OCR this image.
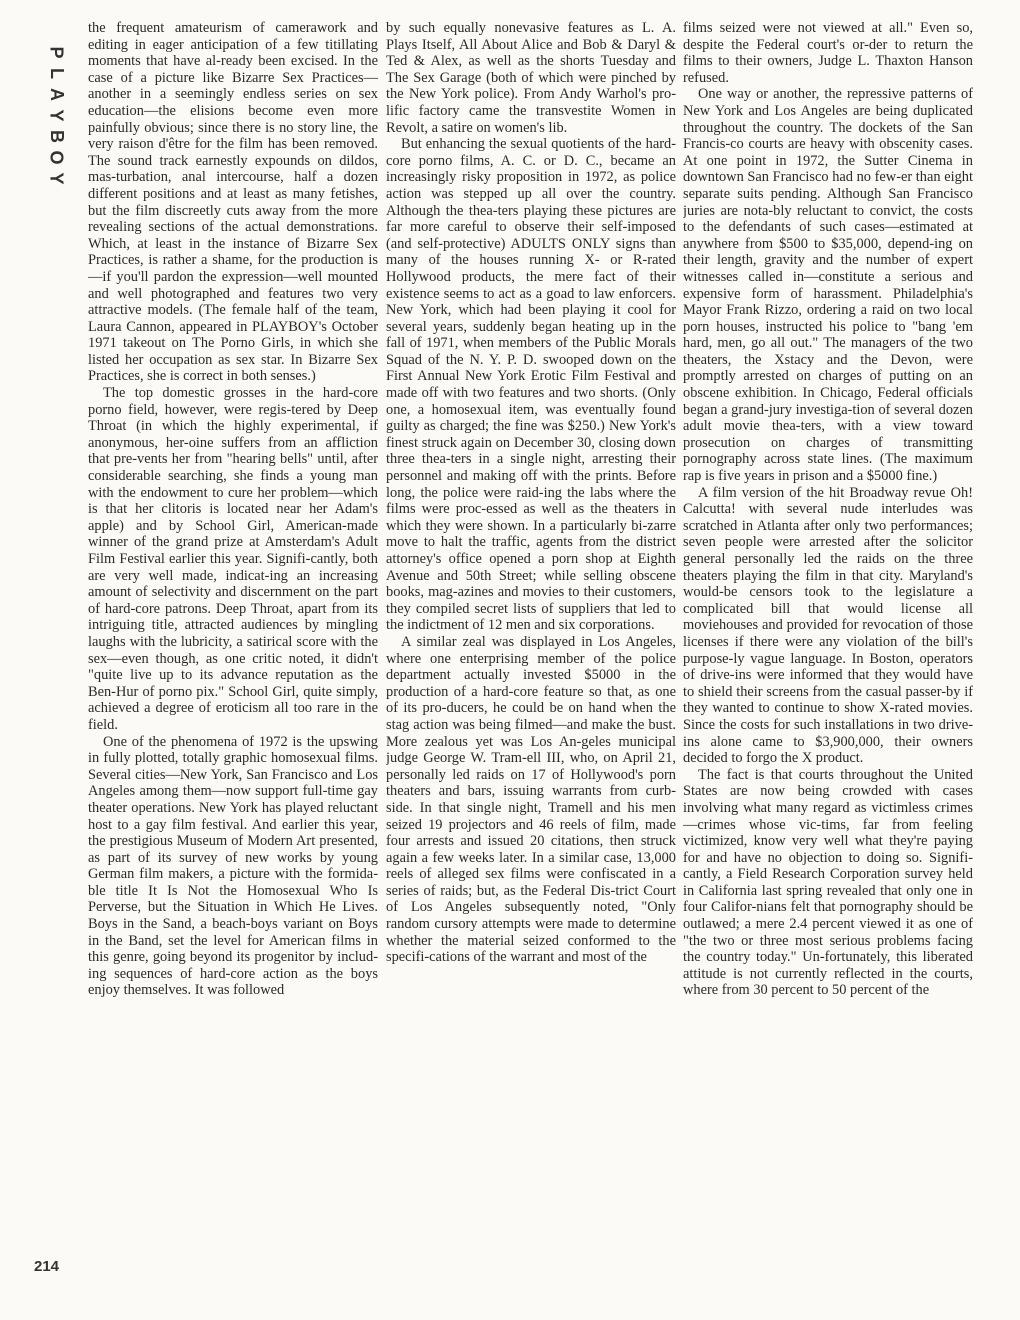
P
L
A
Y
B
O
Y
214

the frequent amateurism of camerawork and editing in eager anticipation of a few titillating moments that have al-ready been excised. In the case of a picture like Bizarre Sex Practices—another in a seemingly endless series on sex education—the elisions become even more painfully obvious; since there is no story line, the very raison d'être for the film has been removed. The sound track earnestly expounds on dildos, mas-turbation, anal intercourse, half a dozen different positions and at least as many fetishes, but the film discreetly cuts away from the more revealing sections of the actual demonstrations. Which, at least in the instance of Bizarre Sex Practices, is rather a shame, for the production is —if you'll pardon the expression—well mounted and well photographed and features two very attractive models. (The female half of the team, Laura Cannon, appeared in PLAYBOY's October 1971 takeout on The Porno Girls, in which she listed her occupation as sex star. In Bizarre Sex Practices, she is correct in both senses.)

The top domestic grosses in the hard-core porno field, however, were regis-tered by Deep Throat (in which the highly experimental, if anonymous, her-oine suffers from an affliction that pre-vents her from "hearing bells" until, after considerable searching, she finds a young man with the endowment to cure her problem—which is that her clitoris is located near her Adam's apple) and by School Girl, American-made winner of the grand prize at Amsterdam's Adult Film Festival earlier this year. Signifi-cantly, both are very well made, indicat-ing an increasing amount of selectivity and discernment on the part of hard-core patrons. Deep Throat, apart from its intriguing title, attracted audiences by mingling laughs with the lubricity, a satirical score with the sex—even though, as one critic noted, it didn't "quite live up to its advance reputation as the Ben-Hur of porno pix." School Girl, quite simply, achieved a degree of eroticism all too rare in the field.

One of the phenomena of 1972 is the upswing in fully plotted, totally graphic homosexual films. Several cities—New York, San Francisco and Los Angeles among them—now support full-time gay theater operations. New York has played reluctant host to a gay film festival. And earlier this year, the prestigious Museum of Modern Art presented, as part of its survey of new works by young German film makers, a picture with the formida-ble title It Is Not the Homosexual Who Is Perverse, but the Situation in Which He Lives. Boys in the Sand, a beach-boys variant on Boys in the Band, set the level for American films in this genre, going beyond its progenitor by includ-ing sequences of hard-core action as the boys enjoy themselves. It was followed

by such equally nonevasive features as L. A. Plays Itself, All About Alice and Bob & Daryl & Ted & Alex, as well as the shorts Tuesday and The Sex Garage (both of which were pinched by the New York police). From Andy Warhol's pro-lific factory came the transvestite Women in Revolt, a satire on women's lib.

But enhancing the sexual quotients of the hard-core porno films, A. C. or D. C., became an increasingly risky proposition in 1972, as police action was stepped up all over the country. Although the thea-ters playing these pictures are far more careful to observe their self-imposed (and self-protective) ADULTS ONLY signs than many of the houses running X- or R-rated Hollywood products, the mere fact of their existence seems to act as a goad to law enforcers. New York, which had been playing it cool for several years, suddenly began heating up in the fall of 1971, when members of the Public Morals Squad of the N. Y. P. D. swooped down on the First Annual New York Erotic Film Festival and made off with two features and two shorts. (Only one, a homosexual item, was eventually found guilty as charged; the fine was $250.) New York's finest struck again on December 30, closing down three thea-ters in a single night, arresting their personnel and making off with the prints. Before long, the police were raid-ing the labs where the films were proc-essed as well as the theaters in which they were shown. In a particularly bi-zarre move to halt the traffic, agents from the district attorney's office opened a porn shop at Eighth Avenue and 50th Street; while selling obscene books, mag-azines and movies to their customers, they compiled secret lists of suppliers that led to the indictment of 12 men and six corporations.

A similar zeal was displayed in Los Angeles, where one enterprising member of the police department actually invested $5000 in the production of a hard-core feature so that, as one of its pro-ducers, he could be on hand when the stag action was being filmed—and make the bust. More zealous yet was Los An-geles municipal judge George W. Tram-ell III, who, on April 21, personally led raids on 17 of Hollywood's porn theaters and bars, issuing warrants from curb-side. In that single night, Tramell and his men seized 19 projectors and 46 reels of film, made four arrests and issued 20 citations, then struck again a few weeks later. In a similar case, 13,000 reels of alleged sex films were confiscated in a series of raids; but, as the Federal Dis-trict Court of Los Angeles subsequently noted, "Only random cursory attempts were made to determine whether the material seized conformed to the specifi-cations of the warrant and most of the

films seized were not viewed at all." Even so, despite the Federal court's or-der to return the films to their owners, Judge L. Thaxton Hanson refused.

One way or another, the repressive patterns of New York and Los Angeles are being duplicated throughout the country. The dockets of the San Francis-co courts are heavy with obscenity cases. At one point in 1972, the Sutter Cinema in downtown San Francisco had no few-er than eight separate suits pending. Although San Francisco juries are nota-bly reluctant to convict, the costs to the defendants of such cases—estimated at anywhere from $500 to $35,000, depend-ing on their length, gravity and the number of expert witnesses called in—constitute a serious and expensive form of harassment. Philadelphia's Mayor Frank Rizzo, ordering a raid on two local porn houses, instructed his police to "bang 'em hard, men, go all out." The managers of the two theaters, the Xstacy and the Devon, were promptly arrested on charges of putting on an obscene exhibition. In Chicago, Federal officials began a grand-jury investiga-tion of several dozen adult movie thea-ters, with a view toward prosecution on charges of transmitting pornography across state lines. (The maximum rap is five years in prison and a $5000 fine.)

A film version of the hit Broadway revue Oh! Calcutta! with several nude interludes was scratched in Atlanta after only two performances; seven people were arrested after the solicitor general personally led the raids on the three theaters playing the film in that city. Maryland's would-be censors took to the legislature a complicated bill that would license all moviehouses and provided for revocation of those licenses if there were any violation of the bill's purpose-ly vague language. In Boston, operators of drive-ins were informed that they would have to shield their screens from the casual passer-by if they wanted to continue to show X-rated movies. Since the costs for such installations in two drive-ins alone came to $3,900,000, their owners decided to forgo the X product.

The fact is that courts throughout the United States are now being crowded with cases involving what many regard as victimless crimes—crimes whose vic-tims, far from feeling victimized, know very well what they're paying for and have no objection to doing so. Signifi-cantly, a Field Research Corporation survey held in California last spring revealed that only one in four Califor-nians felt that pornography should be outlawed; a mere 2.4 percent viewed it as one of "the two or three most serious problems facing the country today." Un-fortunately, this liberated attitude is not currently reflected in the courts, where from 30 percent to 50 percent of the
